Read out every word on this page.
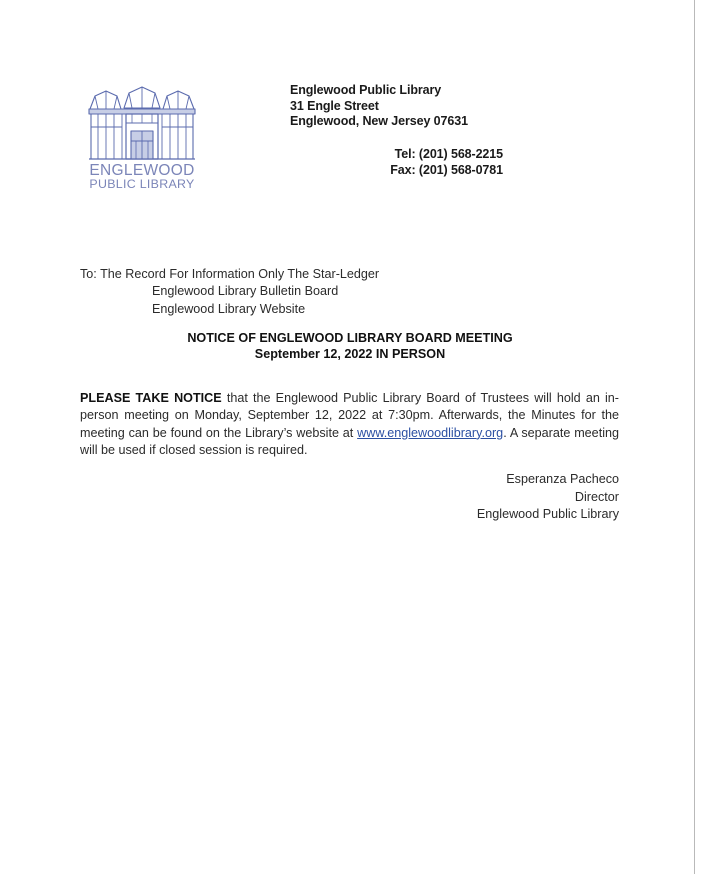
ENGLEWOOD
PUBLIC LIBRARY
Englewood Public Library
31 Engle Street
Englewood, New Jersey 07631
Tel: (201) 568-2215
Fax: (201) 568-0781
To: The Record For Information Only The Star-Ledger
Englewood Library Bulletin Board
Englewood Library Website
NOTICE OF ENGLEWOOD LIBRARY BOARD MEETING
September 12, 2022 IN PERSON

PLEASE TAKE NOTICE that the Englewood Public Library Board of Trustees will hold an in-person meeting on Monday, September 12, 2022 at 7:30pm. Afterwards, the Minutes for the meeting can be found on the Library’s website at www.englewoodlibrary.org. A separate meeting will be used if closed session is required.

Esperanza Pacheco
Director
Englewood Public Library
